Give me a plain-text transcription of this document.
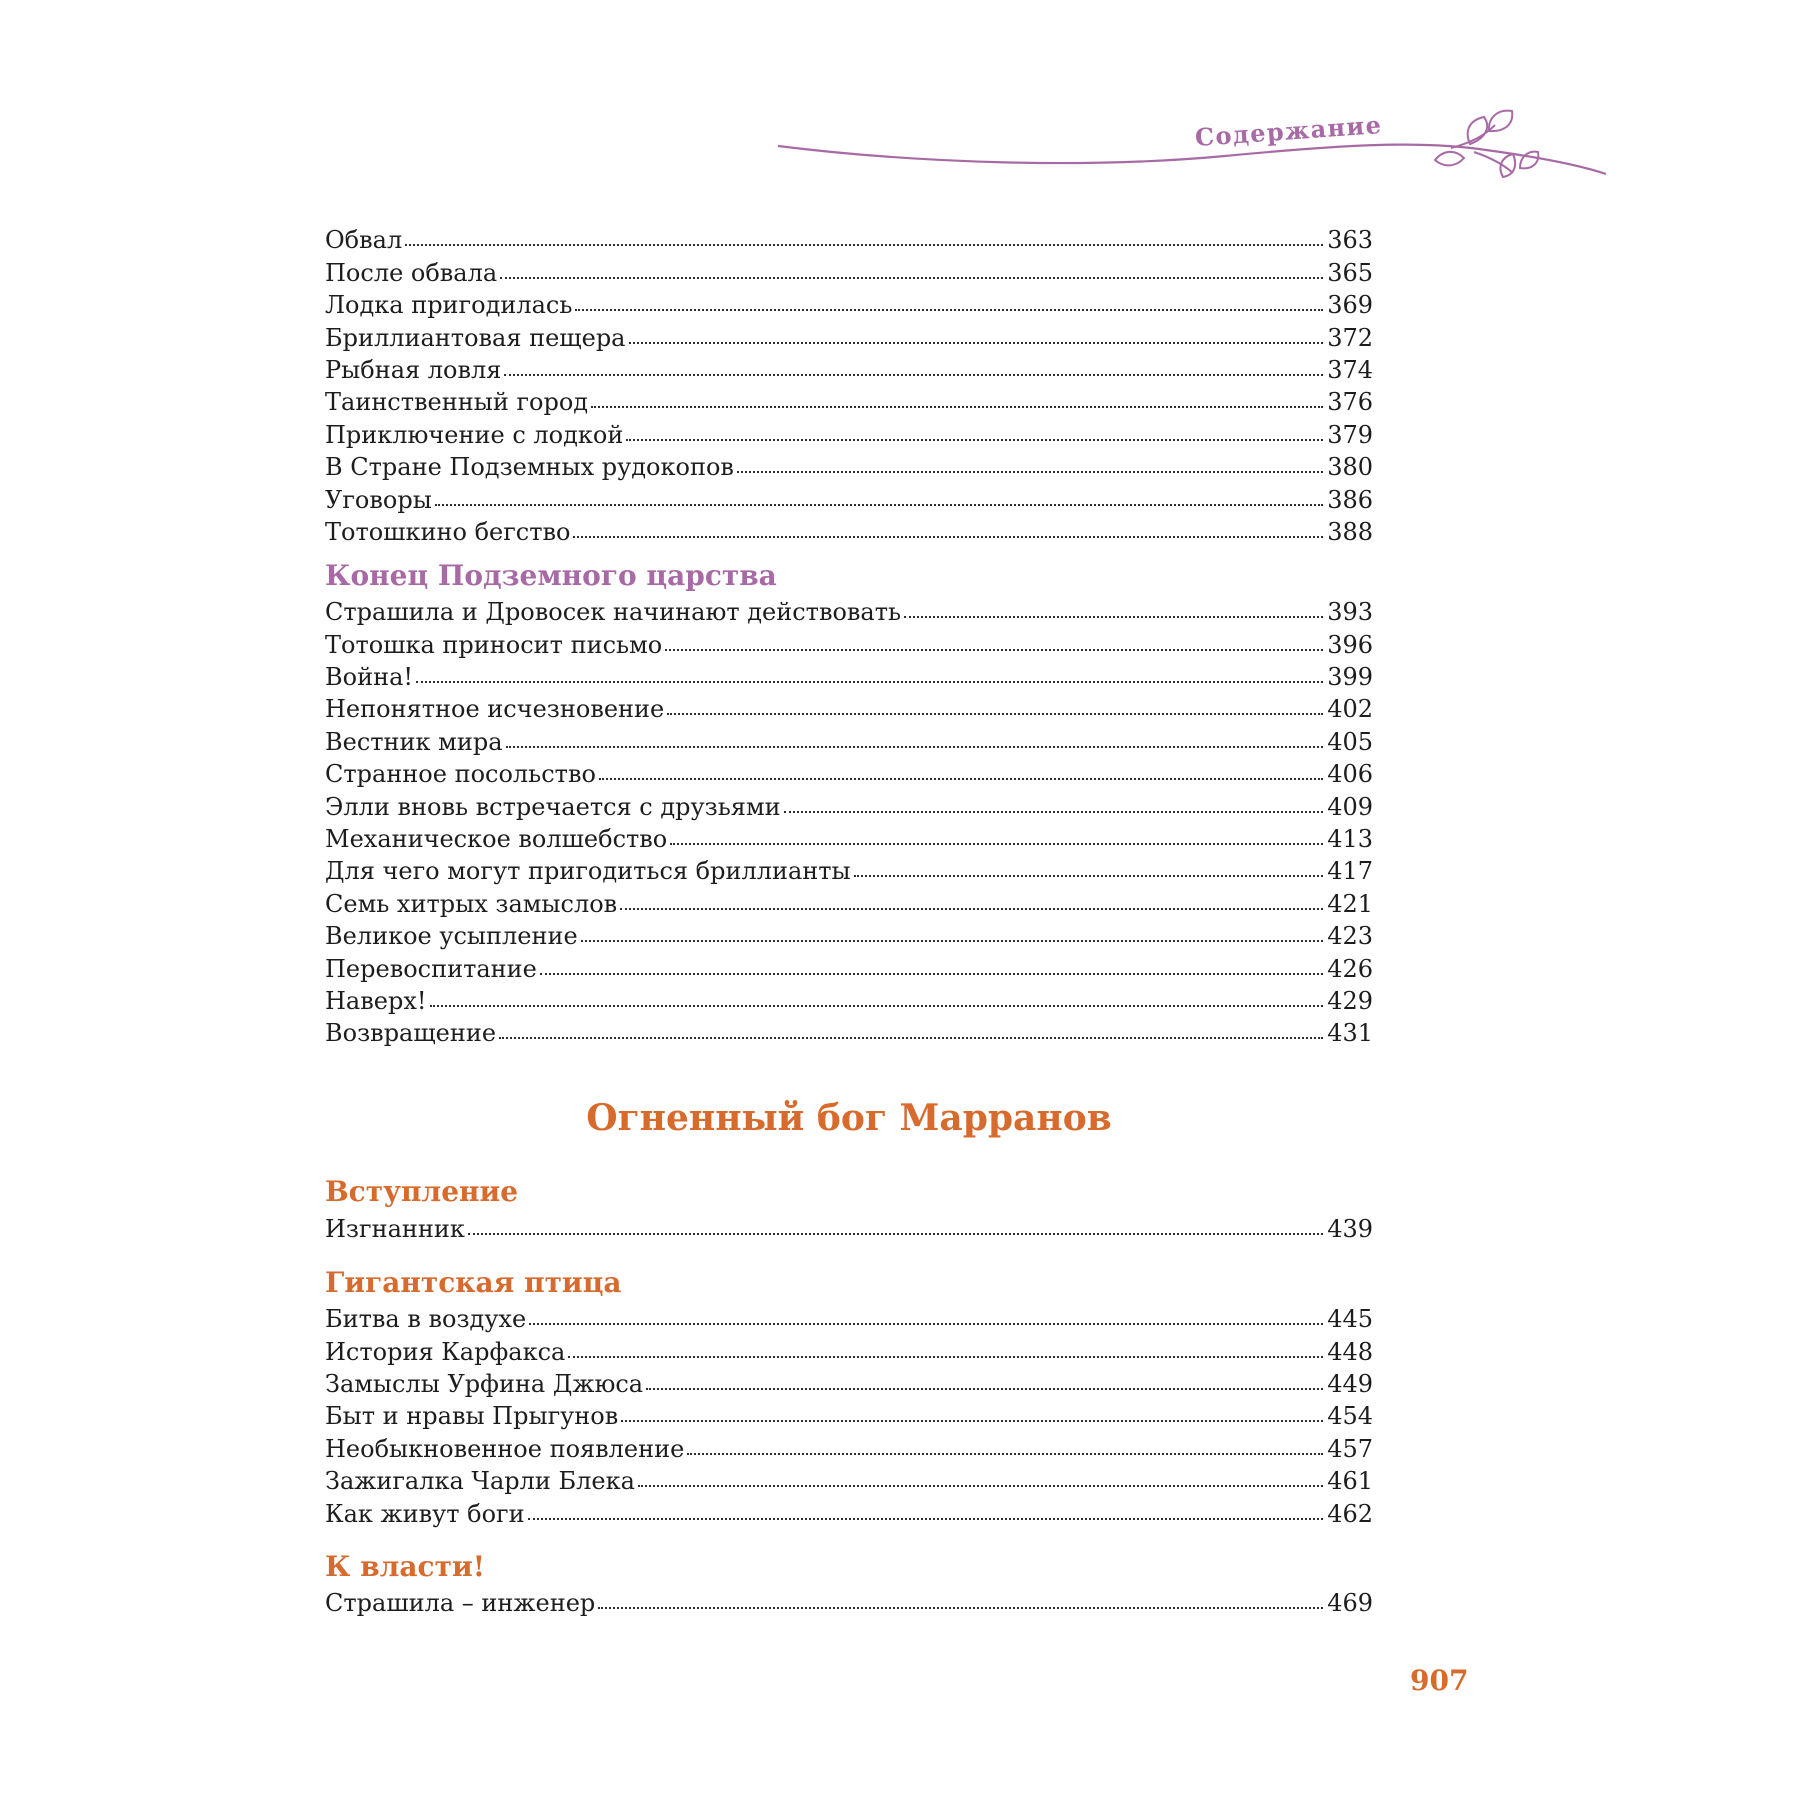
Содержание
Обвал	363
После обвала	365
Лодка пригодилась	369
Бриллиантовая пещера	372
Рыбная ловля	374
Таинственный город	376
Приключение с лодкой	379
В Стране Подземных рудокопов	380
Уговоры	386
Тотошкино бегство	388
Конец Подземного царства
Страшила и Дровосек начинают действовать	393
Тотошка приносит письмо	396
Война!	399
Непонятное исчезновение	402
Вестник мира	405
Странное посольство	406
Элли вновь встречается с друзьями	409
Механическое волшебство	413
Для чего могут пригодиться бриллианты	417
Семь хитрых замыслов	421
Великое усыпление	423
Перевоспитание	426
Наверх!	429
Возвращение	431
Огненный бог Марранов
Вступление
Изгнанник	439
Гигантская птица
Битва в воздухе	445
История Карфакса	448
Замыслы Урфина Джюса	449
Быт и нравы Прыгунов	454
Необыкновенное появление	457
Зажигалка Чарли Блека	461
Как живут боги	462
К власти!
Страшила – инженер	469
907
